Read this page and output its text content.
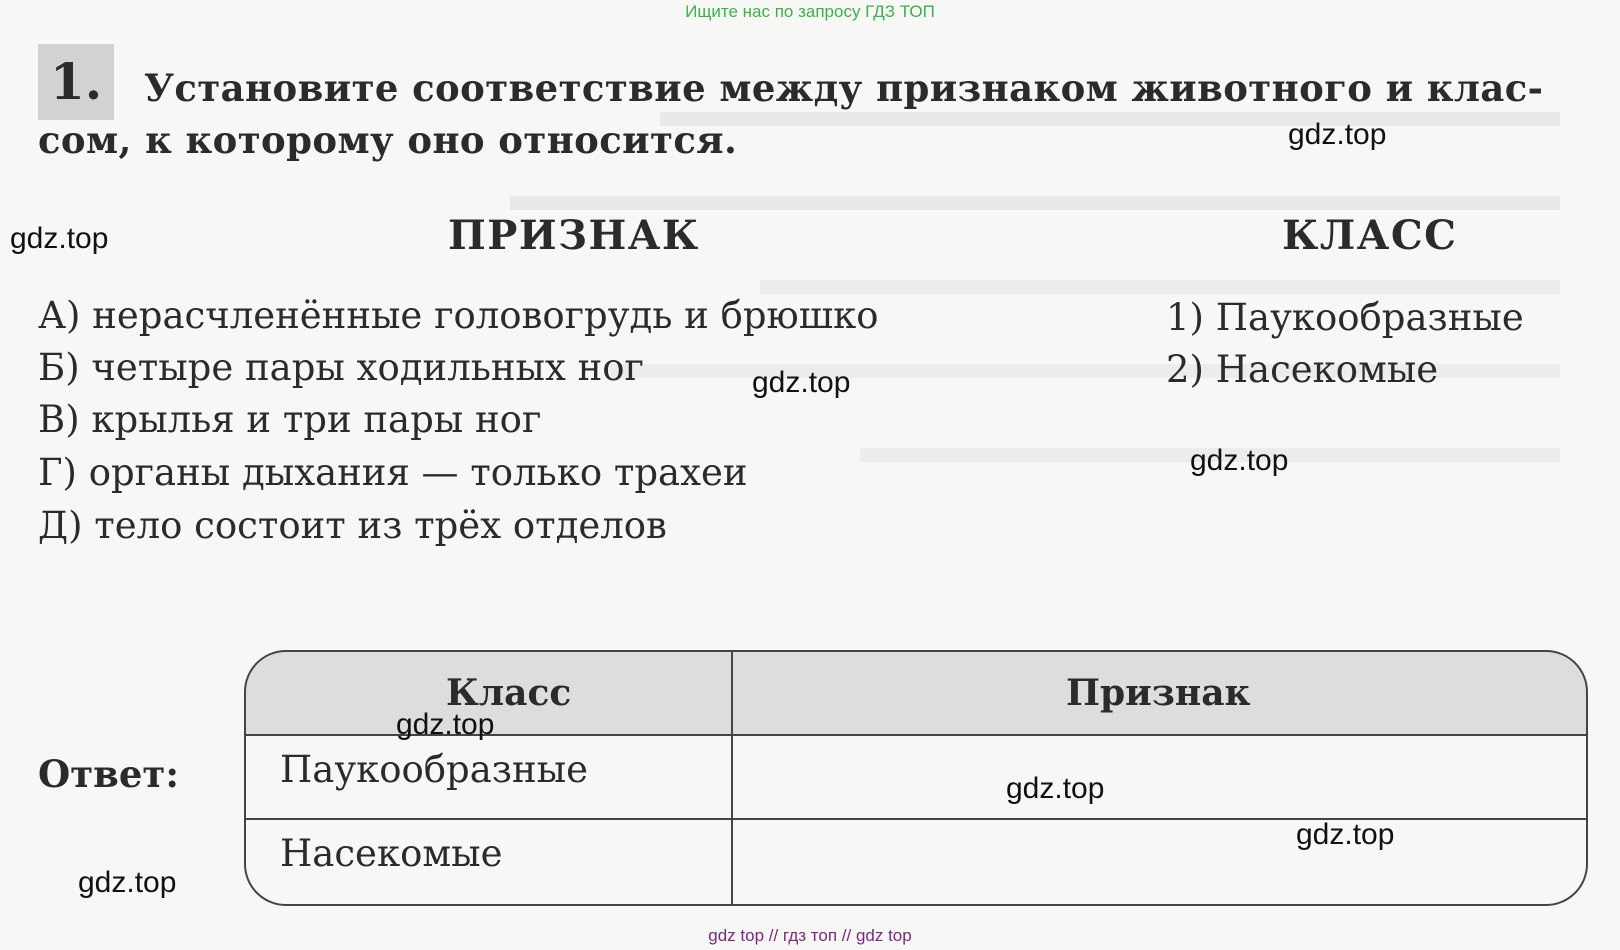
Ищите нас по запросу ГДЗ ТОП
1. Установите соответствие между признаком животного и клас-
сом, к которому оно относится.
ПРИЗНАК	КЛАСС
А) нерасчленённые головогрудь и брюшко
Б) четыре пары ходильных ног
В) крылья и три пары ног
Г) органы дыхания — только трахеи
Д) тело состоит из трёх отделов
1) Паукообразные
2) Насекомые
Ответ:
Класс	Признак
Паукообразные
Насекомые
gdz.top
gdz.top
gdz.top
gdz.top
gdz.top
gdz.top
gdz.top
gdz.top
gdz top // гдз топ // gdz top
